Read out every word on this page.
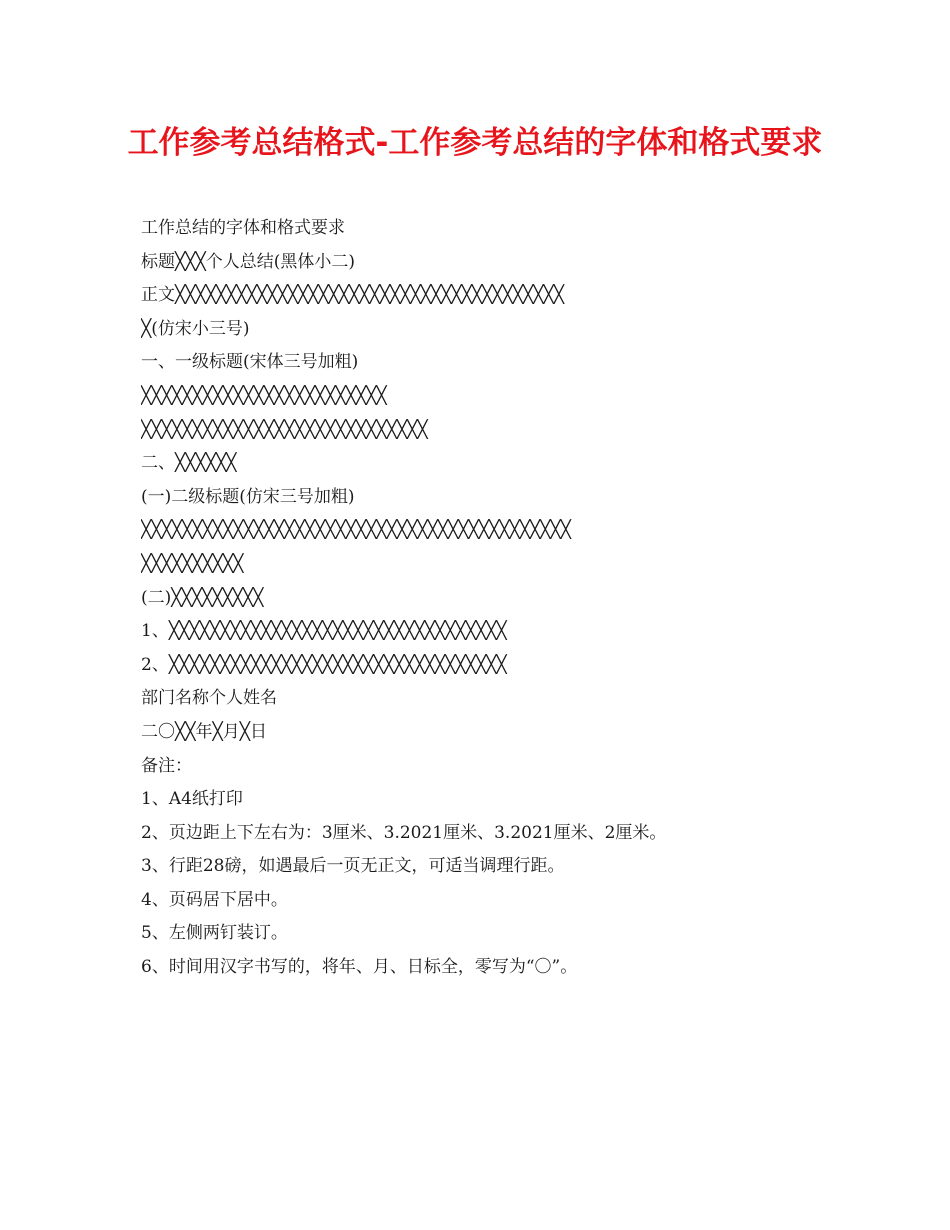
工作参考总结格式-工作参考总结的字体和格式要求
工作总结的字体和格式要求
标题╳╳╳个人总结(黑体小二)
正文╳╳╳╳╳╳╳╳╳╳╳╳╳╳╳╳╳╳╳╳╳╳╳╳╳╳╳╳╳╳╳╳╳╳╳╳╳╳
╳(仿宋小三号)
一、一级标题(宋体三号加粗)
╳╳╳╳╳╳╳╳╳╳╳╳╳╳╳╳╳╳╳╳╳╳╳╳
╳╳╳╳╳╳╳╳╳╳╳╳╳╳╳╳╳╳╳╳╳╳╳╳╳╳╳╳
二、╳╳╳╳╳╳
(一)二级标题(仿宋三号加粗)
╳╳╳╳╳╳╳╳╳╳╳╳╳╳╳╳╳╳╳╳╳╳╳╳╳╳╳╳╳╳╳╳╳╳╳╳╳╳╳╳╳╳
╳╳╳╳╳╳╳╳╳╳
(二)╳╳╳╳╳╳╳╳╳
1、╳╳╳╳╳╳╳╳╳╳╳╳╳╳╳╳╳╳╳╳╳╳╳╳╳╳╳╳╳╳╳╳╳
2、╳╳╳╳╳╳╳╳╳╳╳╳╳╳╳╳╳╳╳╳╳╳╳╳╳╳╳╳╳╳╳╳╳
部门名称个人姓名
二〇╳╳年╳月╳日
备注：
1、A4纸打印
2、页边距上下左右为：3厘米、3.2021厘米、3.2021厘米、2厘米。
3、行距28磅，如遇最后一页无正文，可适当调理行距。
4、页码居下居中。
5、左侧两钉装订。
6、时间用汉字书写的，将年、月、日标全，零写为“〇”。
